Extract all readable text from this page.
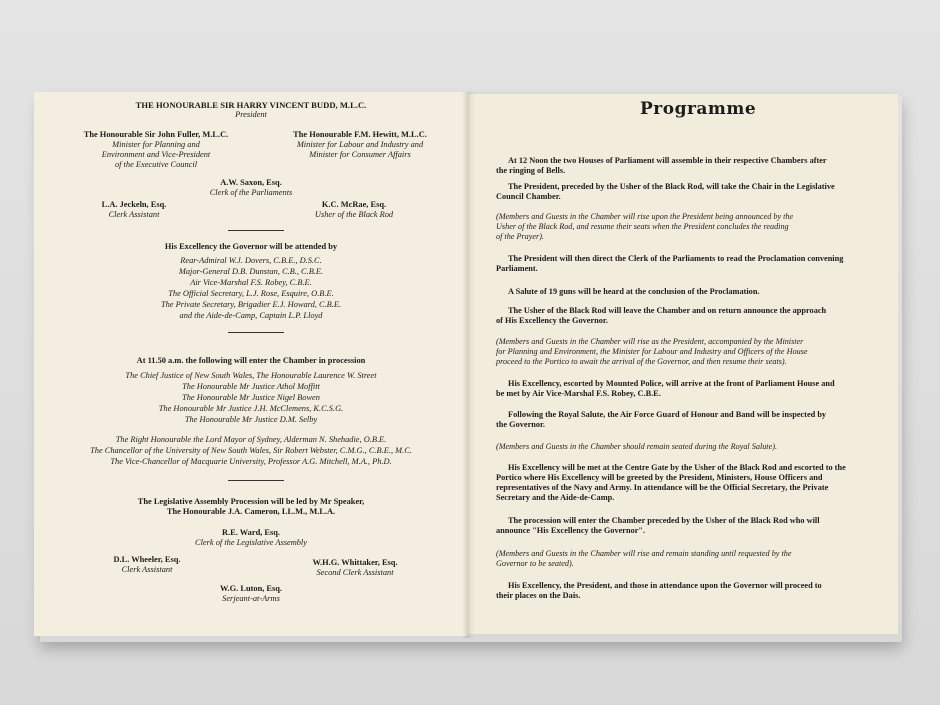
THE HONOURABLE SIR HARRY VINCENT BUDD, M.L.C.
President
The Honourable Sir John Fuller, M.L.C.
Minister for Planning and
Environment and Vice-President
of the Executive Council
The Honourable F.M. Hewitt, M.L.C.
Minister for Labour and Industry and
Minister for Consumer Affairs
A.W. Saxon, Esq.
Clerk of the Parliaments
L.A. Jeckeln, Esq.
Clerk Assistant
K.C. McRae, Esq.
Usher of the Black Rod
His Excellency the Governor will be attended by
Rear-Admiral W.J. Dovers, C.B.E., D.S.C.
Major-General D.B. Dunstan, C.B., C.B.E.
Air Vice-Marshal F.S. Robey, C.B.E.
The Official Secretary, L.J. Rose, Esquire, O.B.E.
The Private Secretary, Brigadier E.J. Howard, C.B.E.
and the Aide-de-Camp, Captain L.P. Lloyd
At 11.50 a.m. the following will enter the Chamber in procession
The Chief Justice of New South Wales, The Honourable Laurence W. Street
The Honourable Mr Justice Athol Moffitt
The Honourable Mr Justice Nigel Bowen
The Honourable Mr Justice J.H. McClemens, K.C.S.G.
The Honourable Mr Justice D.M. Selby
The Right Honourable the Lord Mayor of Sydney, Alderman N. Shehadie, O.B.E.
The Chancellor of the University of New South Wales, Sir Robert Webster, C.M.G., C.B.E., M.C.
The Vice-Chancellor of Macquarie University, Professor A.G. Mitchell, M.A., Ph.D.
The Legislative Assembly Procession will be led by Mr Speaker,
The Honourable J.A. Cameron, LL.M., M.L.A.
R.E. Ward, Esq.
Clerk of the Legislative Assembly
D.L. Wheeler, Esq.
Clerk Assistant
W.H.G. Whittaker, Esq.
Second Clerk Assistant
W.G. Luton, Esq.
Serjeant-at-Arms
Programme
At 12 Noon the two Houses of Parliament will assemble in their respective Chambers after
the ringing of Bells.
The President, preceded by the Usher of the Black Rod, will take the Chair in the Legislative
Council Chamber.
(Members and Guests in the Chamber will rise upon the President being announced by the
Usher of the Black Rod, and resume their seats when the President concludes the reading
of the Prayer).
The President will then direct the Clerk of the Parliaments to read the Proclamation convening
Parliament.
A Salute of 19 guns will be heard at the conclusion of the Proclamation.
The Usher of the Black Rod will leave the Chamber and on return announce the approach
of His Excellency the Governor.
(Members and Guests in the Chamber will rise as the President, accompanied by the Minister
for Planning and Environment, the Minister for Labour and Industry and Officers of the House
proceed to the Portico to await the arrival of the Governor, and then resume their seats).
His Excellency, escorted by Mounted Police, will arrive at the front of Parliament House and
be met by Air Vice-Marshal F.S. Robey, C.B.E.
Following the Royal Salute, the Air Force Guard of Honour and Band will be inspected by
the Governor.
(Members and Guests in the Chamber should remain seated during the Royal Salute).
His Excellency will be met at the Centre Gate by the Usher of the Black Rod and escorted to the
Portico where His Excellency will be greeted by the President, Ministers, House Officers and
representatives of the Navy and Army. In attendance will be the Official Secretary, the Private
Secretary and the Aide-de-Camp.
The procession will enter the Chamber preceded by the Usher of the Black Rod who will
announce "His Excellency the Governor".
(Members and Guests in the Chamber will rise and remain standing until requested by the
Governor to be seated).
His Excellency, the President, and those in attendance upon the Governor will proceed to
their places on the Dais.
